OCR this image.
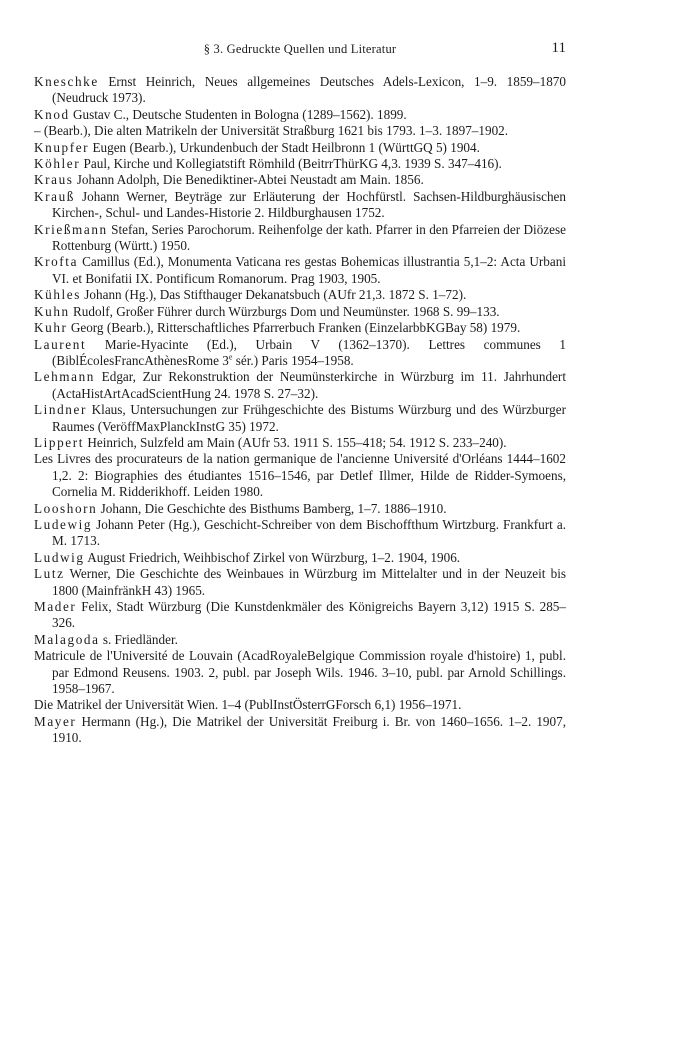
§ 3. Gedruckte Quellen und Literatur	11

Kneschke Ernst Heinrich, Neues allgemeines Deutsches Adels-Lexicon, 1–9. 1859–1870 (Neudruck 1973).

Knod Gustav C., Deutsche Studenten in Bologna (1289–1562). 1899.

– (Bearb.), Die alten Matrikeln der Universität Straßburg 1621 bis 1793. 1–3. 1897–1902.

Knupfer Eugen (Bearb.), Urkundenbuch der Stadt Heilbronn 1 (WürttGQ 5) 1904.

Köhler Paul, Kirche und Kollegiatstift Römhild (BeitrrThürKG 4,3. 1939 S. 347–416).

Kraus Johann Adolph, Die Benediktiner-Abtei Neustadt am Main. 1856.

Krauß Johann Werner, Beyträge zur Erläuterung der Hochfürstl. Sachsen-Hildburghäusischen Kirchen-, Schul- und Landes-Historie 2. Hildburghausen 1752.

Krießmann Stefan, Series Parochorum. Reihenfolge der kath. Pfarrer in den Pfarreien der Diözese Rottenburg (Württ.) 1950.

Krofta Camillus (Ed.), Monumenta Vaticana res gestas Bohemicas illustrantia 5,1–2: Acta Urbani VI. et Bonifatii IX. Pontificum Romanorum. Prag 1903, 1905.

Kühles Johann (Hg.), Das Stifthauger Dekanatsbuch (AUfr 21,3. 1872 S. 1–72).

Kuhn Rudolf, Großer Führer durch Würzburgs Dom und Neumünster. 1968 S. 99–133.

Kuhr Georg (Bearb.), Ritterschaftliches Pfarrerbuch Franken (EinzelarbbKGBay 58) 1979.

Laurent Marie-Hyacinte (Ed.), Urbain V (1362–1370). Lettres communes 1 (BiblÉcolesFrancAthènesRome 3e sér.) Paris 1954–1958.

Lehmann Edgar, Zur Rekonstruktion der Neumünsterkirche in Würzburg im 11. Jahrhundert (ActaHistArtAcadScientHung 24. 1978 S. 27–32).

Lindner Klaus, Untersuchungen zur Frühgeschichte des Bistums Würzburg und des Würzburger Raumes (VeröffMaxPlanckInstG 35) 1972.

Lippert Heinrich, Sulzfeld am Main (AUfr 53. 1911 S. 155–418; 54. 1912 S. 233–240).

Les Livres des procurateurs de la nation germanique de l'ancienne Université d'Orléans 1444–1602 1,2. 2: Biographies des étudiantes 1516–1546, par Detlef Illmer, Hilde de Ridder-Symoens, Cornelia M. Ridderikhoff. Leiden 1980.

Looshorn Johann, Die Geschichte des Bisthums Bamberg, 1–7. 1886–1910.

Ludewig Johann Peter (Hg.), Geschicht-Schreiber von dem Bischoffthum Wirtzburg. Frankfurt a. M. 1713.

Ludwig August Friedrich, Weihbischof Zirkel von Würzburg, 1–2. 1904, 1906.

Lutz Werner, Die Geschichte des Weinbaues in Würzburg im Mittelalter und in der Neuzeit bis 1800 (MainfränkH 43) 1965.

Mader Felix, Stadt Würzburg (Die Kunstdenkmäler des Königreichs Bayern 3,12) 1915 S. 285–326.

Malagoda s. Friedländer.

Matricule de l'Université de Louvain (AcadRoyaleBelgique Commission royale d'histoire) 1, publ. par Edmond Reusens. 1903. 2, publ. par Joseph Wils. 1946. 3–10, publ. par Arnold Schillings. 1958–1967.

Die Matrikel der Universität Wien. 1–4 (PublInstÖsterrGForsch 6,1) 1956–1971.

Mayer Hermann (Hg.), Die Matrikel der Universität Freiburg i. Br. von 1460–1656. 1–2. 1907, 1910.
